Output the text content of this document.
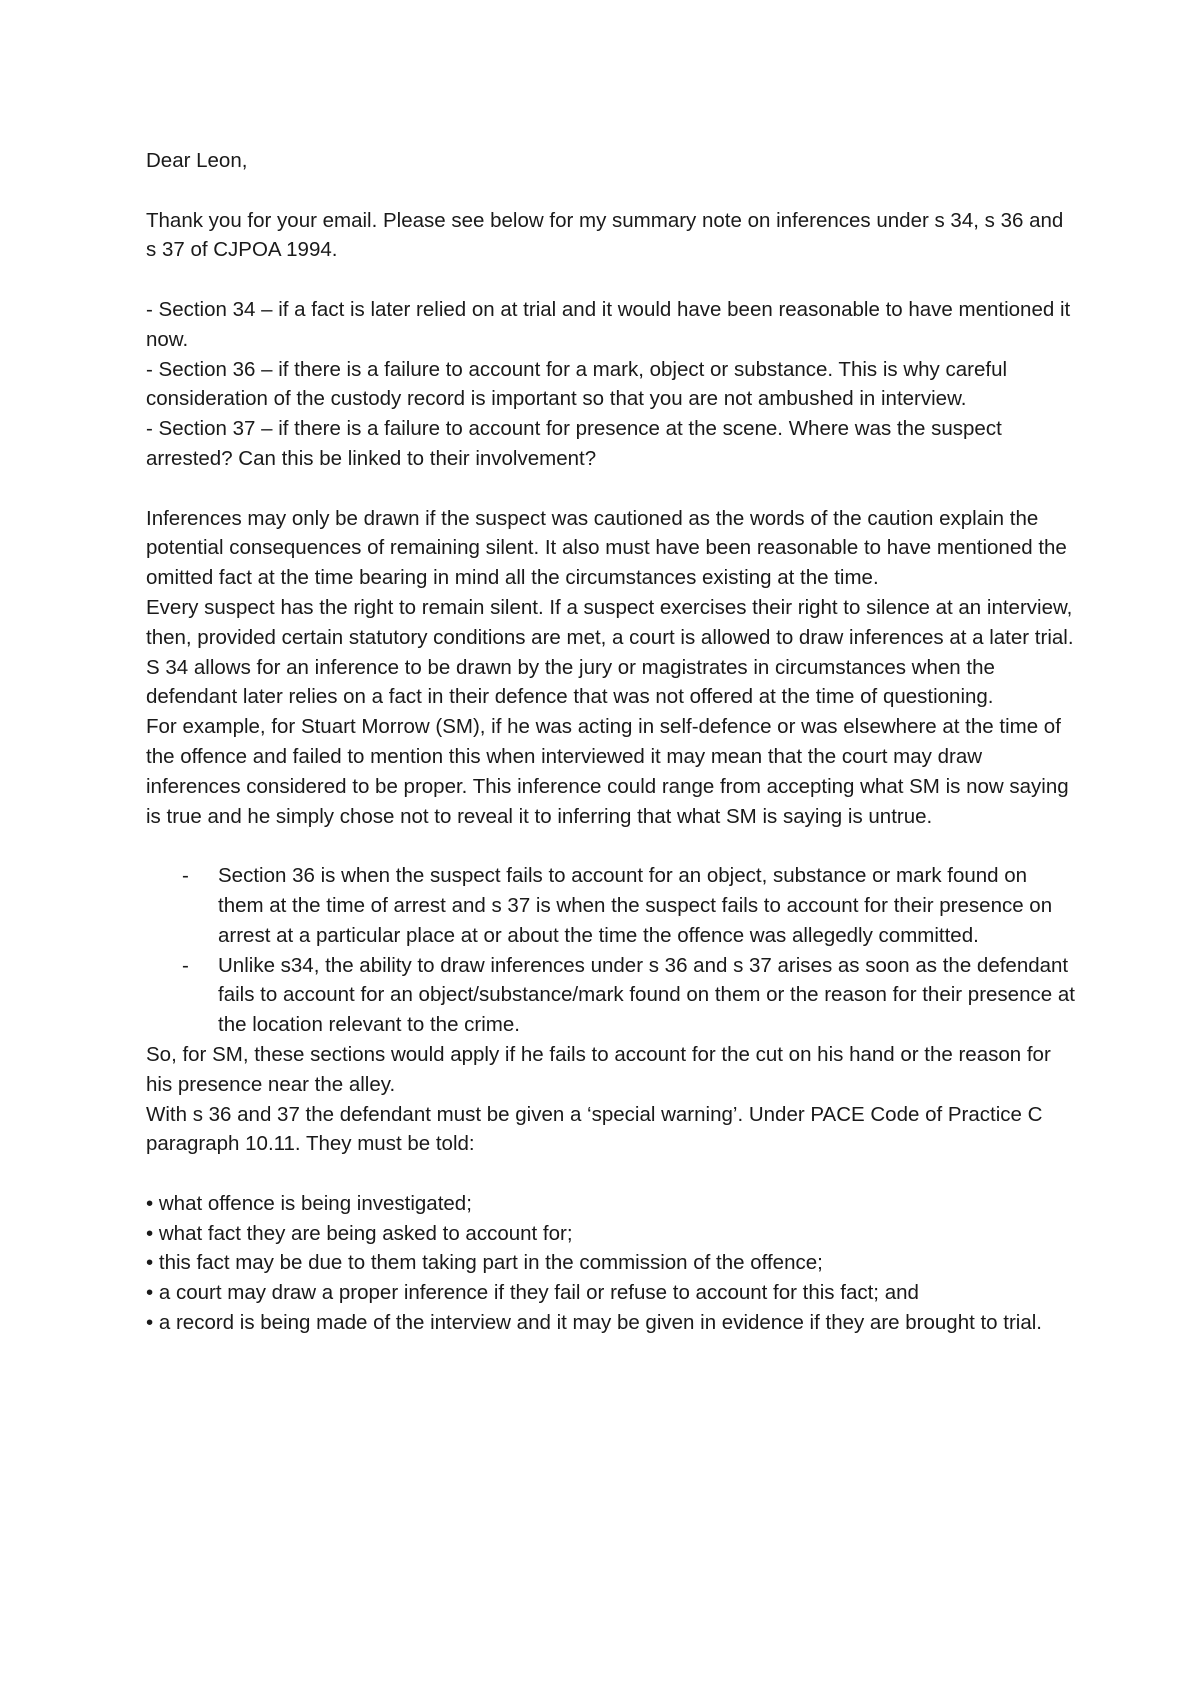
Dear Leon,

Thank you for your email. Please see below for my summary note on inferences under s 34, s 36 and s 37 of CJPOA 1994.

- Section 34 – if a fact is later relied on at trial and it would have been reasonable to have mentioned it now.

- Section 36 – if there is a failure to account for a mark, object or substance. This is why careful consideration of the custody record is important so that you are not ambushed in interview.

- Section 37 – if there is a failure to account for presence at the scene. Where was the suspect arrested? Can this be linked to their involvement?

Inferences may only be drawn if the suspect was cautioned as the words of the caution explain the potential consequences of remaining silent. It also must have been reasonable to have mentioned the omitted fact at the time bearing in mind all the circumstances existing at the time.

Every suspect has the right to remain silent. If a suspect exercises their right to silence at an interview, then, provided certain statutory conditions are met, a court is allowed to draw inferences at a later trial.

S 34 allows for an inference to be drawn by the jury or magistrates in circumstances when the defendant later relies on a fact in their defence that was not offered at the time of questioning.

For example, for Stuart Morrow (SM), if he was acting in self-defence or was elsewhere at the time of the offence and failed to mention this when interviewed it may mean that the court may draw inferences considered to be proper. This inference could range from accepting what SM is now saying is true and he simply chose not to reveal it to inferring that what SM is saying is untrue.

- Section 36 is when the suspect fails to account for an object, substance or mark found on them at the time of arrest and s 37 is when the suspect fails to account for their presence on arrest at a particular place at or about the time the offence was allegedly committed.
- Unlike s34, the ability to draw inferences under s 36 and s 37 arises as soon as the defendant fails to account for an object/substance/mark found on them or the reason for their presence at the location relevant to the crime.

So, for SM, these sections would apply if he fails to account for the cut on his hand or the reason for his presence near the alley.

With s 36 and 37 the defendant must be given a ‘special warning’. Under PACE Code of Practice C paragraph 10.11. They must be told:

• what offence is being investigated;
• what fact they are being asked to account for;
• this fact may be due to them taking part in the commission of the offence;
• a court may draw a proper inference if they fail or refuse to account for this fact; and
• a record is being made of the interview and it may be given in evidence if they are brought to trial.
